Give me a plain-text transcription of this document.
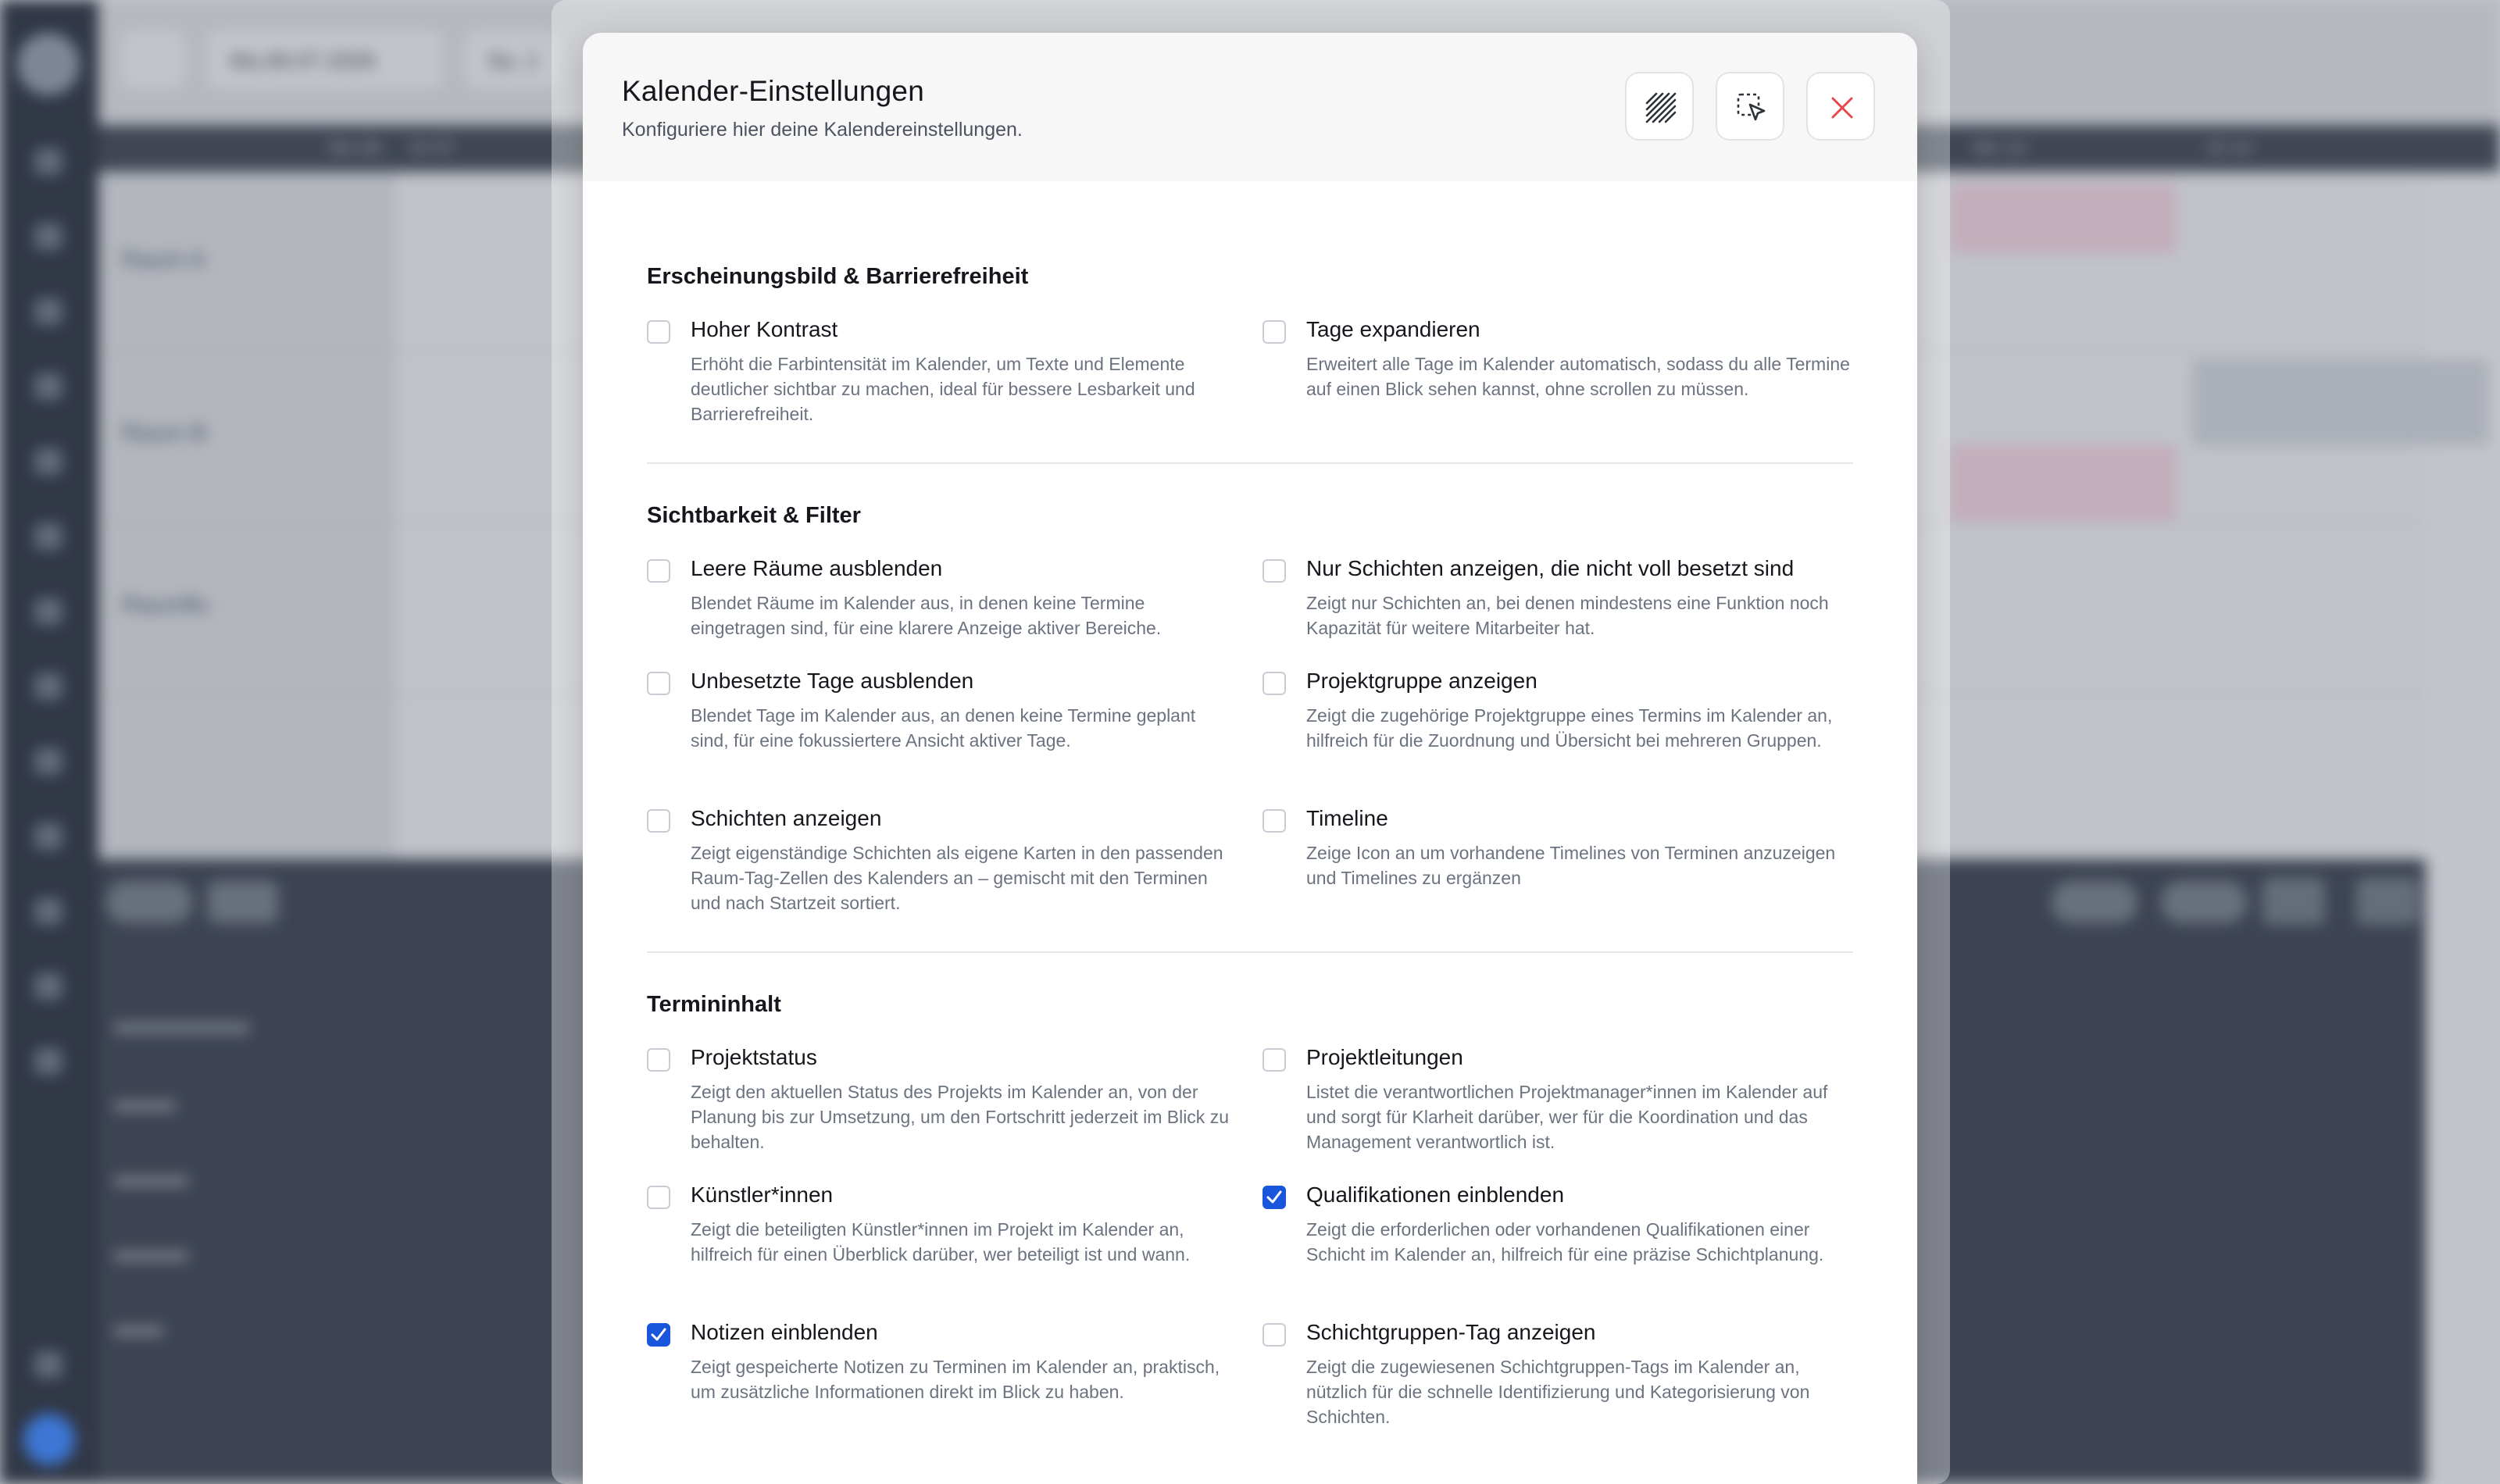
Mo,06.07.2026	So, 1
Mo 06 Di 07	Mo 13	Di 14
Raum A
Raum B
Raumflu
■■■■■■■■■■■
■■■■■
■■■■■■
■■■■■■
■■■■
Kalender-Einstellungen
Konfiguriere hier deine Kalendereinstellungen.
Erscheinungsbild & Barrierefreiheit
Hoher Kontrast
Erhöht die Farbintensität im Kalender, um Texte und Elemente deutlicher sichtbar zu machen, ideal für bessere Lesbarkeit und Barrierefreiheit.
Tage expandieren
Erweitert alle Tage im Kalender automatisch, sodass du alle Termine auf einen Blick sehen kannst, ohne scrollen zu müssen.
Sichtbarkeit & Filter
Leere Räume ausblenden
Blendet Räume im Kalender aus, in denen keine Termine eingetragen sind, für eine klarere Anzeige aktiver Bereiche.
Nur Schichten anzeigen, die nicht voll besetzt sind
Zeigt nur Schichten an, bei denen mindestens eine Funktion noch Kapazität für weitere Mitarbeiter hat.
Unbesetzte Tage ausblenden
Blendet Tage im Kalender aus, an denen keine Termine geplant sind, für eine fokussiertere Ansicht aktiver Tage.
Projektgruppe anzeigen
Zeigt die zugehörige Projektgruppe eines Termins im Kalender an, hilfreich für die Zuordnung und Übersicht bei mehreren Gruppen.
Schichten anzeigen
Zeigt eigenständige Schichten als eigene Karten in den passenden Raum-Tag-Zellen des Kalenders an – gemischt mit den Terminen und nach Startzeit sortiert.
Timeline
Zeige Icon an um vorhandene Timelines von Terminen anzuzeigen und Timelines zu ergänzen
Termininhalt
Projektstatus
Zeigt den aktuellen Status des Projekts im Kalender an, von der Planung bis zur Umsetzung, um den Fortschritt jederzeit im Blick zu behalten.
Projektleitungen
Listet die verantwortlichen Projektmanager*innen im Kalender auf und sorgt für Klarheit darüber, wer für die Koordination und das Management verantwortlich ist.
Künstler*innen
Zeigt die beteiligten Künstler*innen im Projekt im Kalender an, hilfreich für einen Überblick darüber, wer beteiligt ist und wann.
Qualifikationen einblenden
Zeigt die erforderlichen oder vorhandenen Qualifikationen einer Schicht im Kalender an, hilfreich für eine präzise Schichtplanung.
Notizen einblenden
Zeigt gespeicherte Notizen zu Terminen im Kalender an, praktisch, um zusätzliche Informationen direkt im Blick zu haben.
Schichtgruppen-Tag anzeigen
Zeigt die zugewiesenen Schichtgruppen-Tags im Kalender an, nützlich für die schnelle Identifizierung und Kategorisierung von Schichten.
